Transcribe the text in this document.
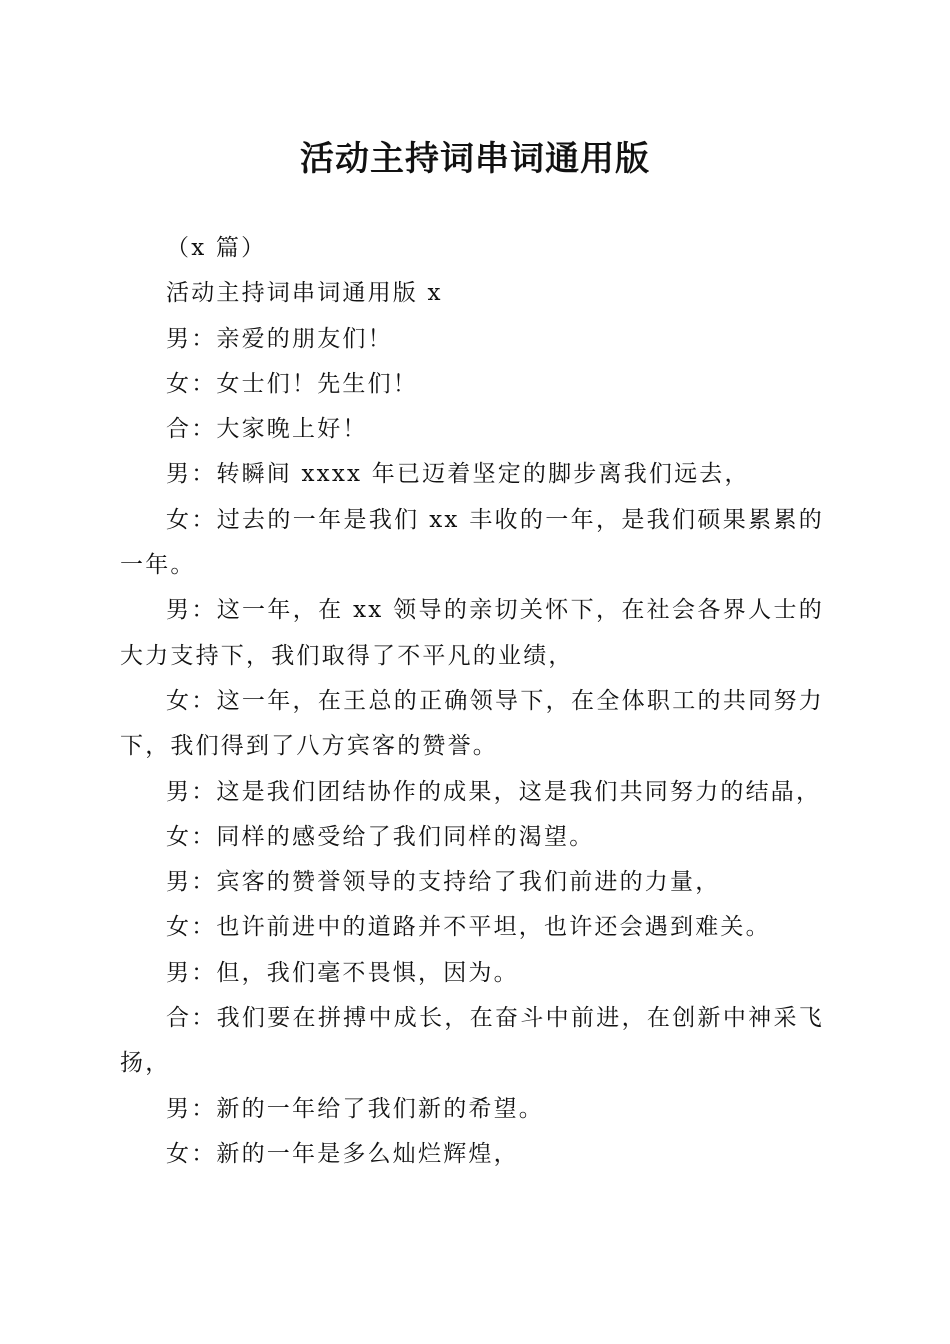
活动主持词串词通用版

（x 篇）

活动主持词串词通用版 x

男：亲爱的朋友们！

女：女士们！先生们！

合：大家晚上好！

男：转瞬间 xxxx 年已迈着坚定的脚步离我们远去，

女：过去的一年是我们 xx 丰收的一年，是我们硕果累累的一年。

男：这一年，在 xx 领导的亲切关怀下，在社会各界人士的大力支持下，我们取得了不平凡的业绩，

女：这一年，在王总的正确领导下，在全体职工的共同努力下，我们得到了八方宾客的赞誉。

男：这是我们团结协作的成果，这是我们共同努力的结晶，

女：同样的感受给了我们同样的渴望。

男：宾客的赞誉领导的支持给了我们前进的力量，

女：也许前进中的道路并不平坦，也许还会遇到难关。

男：但，我们毫不畏惧，因为。

合：我们要在拼搏中成长，在奋斗中前进，在创新中神采飞扬，

男：新的一年给了我们新的希望。

女：新的一年是多么灿烂辉煌，
